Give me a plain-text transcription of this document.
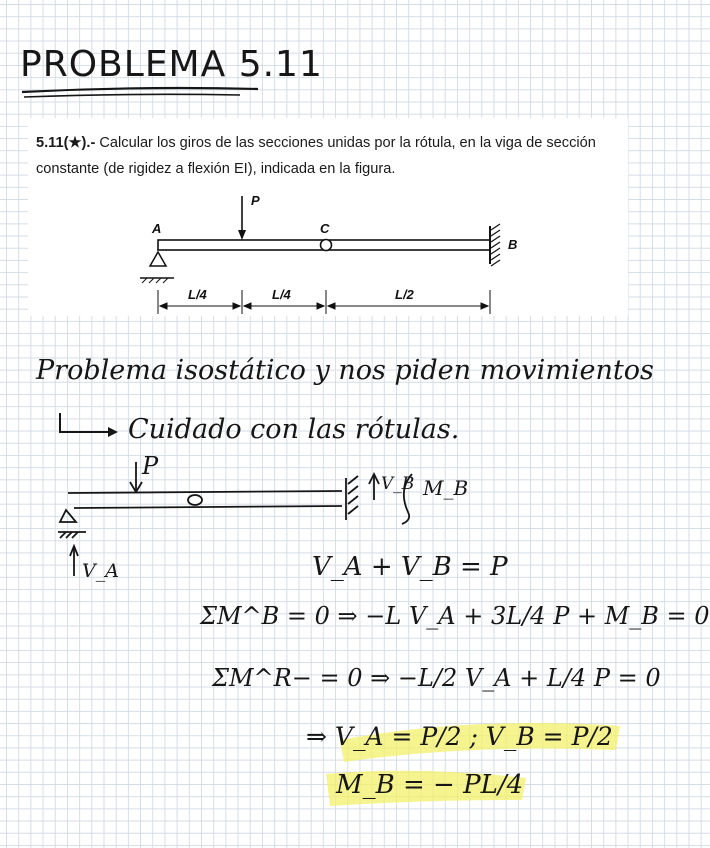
PROBLEMA 5.11

5.11(★).- Calcular los giros de las secciones unidas por la rótula, en la viga de sección constante (de rigidez a flexión EI), indicada en la figura.

P
A	C
B
L/4	L/4	L/2
Problema isostático y nos piden movimientos
Cuidado con las rótulas.
P
V_A
V_B M_B
V_A + V_B = P
ΣM^B = 0 ⇒ −L V_A + 3L/4 P + M_B = 0
ΣM^R− = 0 ⇒ −L/2 V_A + L/4 P = 0
⇒ V_A = P/2 ; V_B = P/2
M_B = − PL/4
